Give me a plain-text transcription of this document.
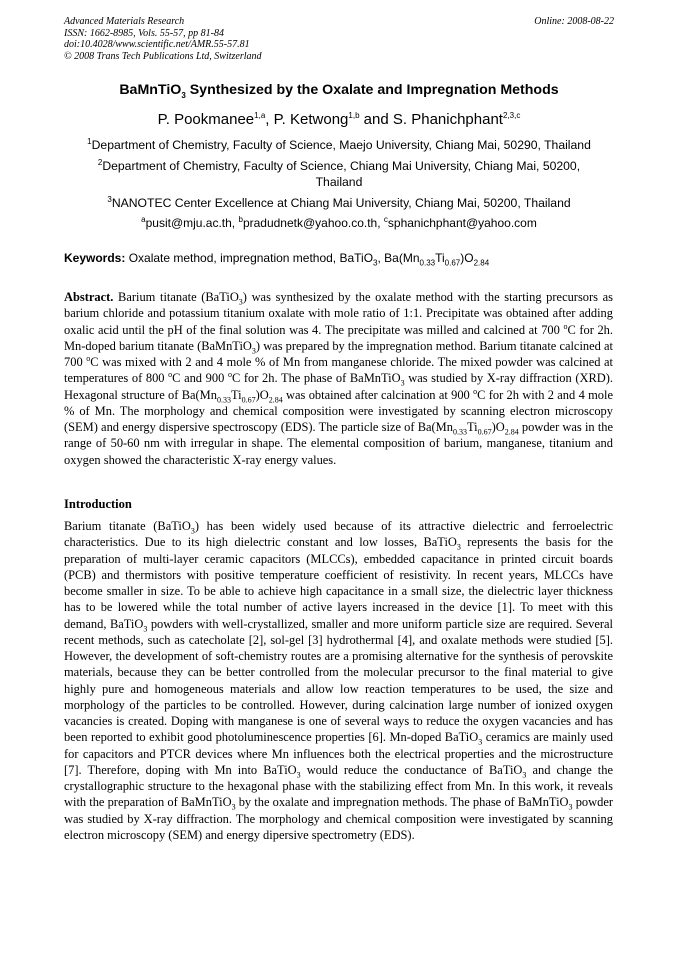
Advanced Materials Research
ISSN: 1662-8985, Vols. 55-57, pp 81-84
doi:10.4028/www.scientific.net/AMR.55-57.81
© 2008 Trans Tech Publications Ltd, Switzerland
Online: 2008-08-22
BaMnTiO$_3$ Synthesized by the Oxalate and Impregnation Methods
P. Pookmanee$^{1,a}$, P. Ketwong$^{1,b}$ and S. Phanichphant$^{2,3,c}$
$^1$Department of Chemistry, Faculty of Science, Maejo University, Chiang Mai, 50290, Thailand
$^2$Department of Chemistry, Faculty of Science, Chiang Mai University, Chiang Mai, 50200, Thailand
$^3$NANOTEC Center Excellence at Chiang Mai University, Chiang Mai, 50200, Thailand
$^a$pusit@mju.ac.th, $^b$pradudnetk@yahoo.co.th, $^c$sphanichphant@yahoo.com
Keywords: Oxalate method, impregnation method, BaTiO$_3$, $Ba(Mn_{0.33}Ti_{0.67})O_{2.84}$
Abstract. Barium titanate (BaTiO$_3$) was synthesized by the oxalate method with the starting precursors as barium chloride and potassium titanium oxalate with mole ratio of 1:1. Precipitate was obtained after adding oxalic acid until the pH of the final solution was 4. The precipitate was milled and calcined at 700 $^o$C for 2h. Mn-doped barium titanate (BaMnTiO$_3$) was prepared by the impregnation method. Barium titanate calcined at 700 $^o$C was mixed with 2 and 4 mole % of Mn from manganese chloride. The mixed powder was calcined at temperatures of 800 $^o$C and 900 $^o$C for 2h. The phase of BaMnTiO$_3$ was studied by X-ray diffraction (XRD). Hexagonal structure of $Ba(Mn_{0.33}Ti_{0.67})O_{2.84}$ was obtained after calcination at 900 $^o$C for 2h with 2 and 4 mole % of Mn. The morphology and chemical composition were investigated by scanning electron microscopy (SEM) and energy dispersive spectroscopy (EDS). The particle size of $Ba(Mn_{0.33}Ti_{0.67})O_{2.84}$ powder was in the range of 50-60 nm with irregular in shape. The elemental composition of barium, manganese, titanium and oxygen showed the characteristic X-ray energy values.
Introduction
Barium titanate (BaTiO$_3$) has been widely used because of its attractive dielectric and ferroelectric characteristics. Due to its high dielectric constant and low losses, BaTiO$_3$ represents the basis for the preparation of multi-layer ceramic capacitors (MLCCs), embedded capacitance in printed circuit boards (PCB) and thermistors with positive temperature coefficient of resistivity. In recent years, MLCCs have become smaller in size. To be able to achieve high capacitance in a small size, the dielectric layer thickness has to be lowered while the total number of active layers increased in the device [1]. To meet with this demand, BaTiO$_3$ powders with well-crystallized, smaller and more uniform particle size are required. Several recent methods, such as catecholate [2], sol-gel [3] hydrothermal [4], and oxalate methods were studied [5]. However, the development of soft-chemistry routes are a promising alternative for the synthesis of perovskite materials, because they can be better controlled from the molecular precursor to the final material to give highly pure and homogeneous materials and allow low reaction temperatures to be used, the size and morphology of the particles to be controlled. However, during calcination large number of ionized oxygen vacancies is created. Doping with manganese is one of several ways to reduce the oxygen vacancies and has been reported to exhibit good photoluminescence properties [6]. Mn-doped BaTiO$_3$ ceramics are mainly used for capacitors and PTCR devices where Mn influences both the electrical properties and the microstructure [7]. Therefore, doping with Mn into BaTiO$_3$ would reduce the conductance of BaTiO$_3$ and change the crystallographic structure to the hexagonal phase with the stabilizing effect from Mn. In this work, it reveals with the preparation of BaMnTiO$_3$ by the oxalate and impregnation methods. The phase of BaMnTiO$_3$ powder was studied by X-ray diffraction. The morphology and chemical composition were investigated by scanning electron microscopy (SEM) and energy dipersive spectrometry (EDS).
